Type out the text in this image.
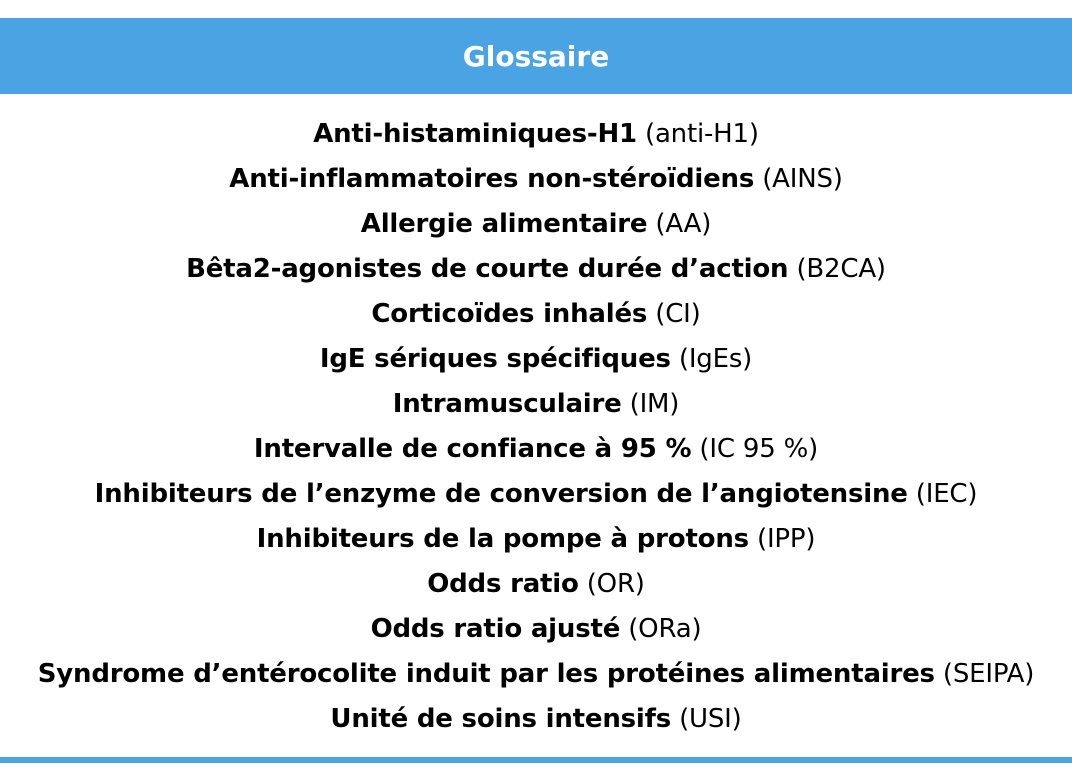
Glossaire
Anti-histaminiques-H1 (anti-H1)
Anti-inflammatoires non-stéroïdiens (AINS)
Allergie alimentaire (AA)
Bêta2-agonistes de courte durée d’action (B2CA)
Corticoïdes inhalés (CI)
IgE sériques spécifiques (IgEs)
Intramusculaire (IM)
Intervalle de confiance à 95 % (IC 95 %)
Inhibiteurs de l’enzyme de conversion de l’angiotensine (IEC)
Inhibiteurs de la pompe à protons (IPP)
Odds ratio (OR)
Odds ratio ajusté (ORa)
Syndrome d’entérocolite induit par les protéines alimentaires (SEIPA)
Unité de soins intensifs (USI)
